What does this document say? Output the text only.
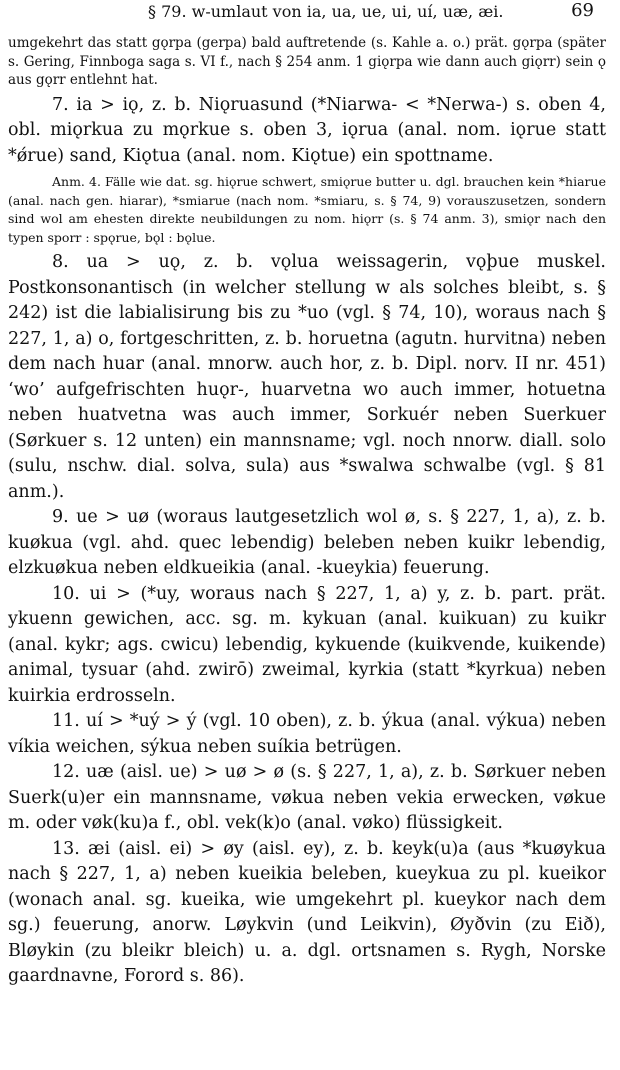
§ 79. w-umlaut von ia, ua, ue, ui, uí, uæ, æi.	69

umgekehrt das statt gǫrpa (gerpa) bald auftretende (s. Kahle a. o.) prät. gǫrpa (später s. Gering, Finnboga saga s. VI f., nach § 254 anm. 1 giǫrpa wie dann auch giǫrr) sein ǫ aus gǫrr entlehnt hat.

7. ia > iǫ, z. b. Niǫruasund (*Niarwa- < *Nerwa-) s. oben 4, obl. miǫrkua zu mǫrkue s. oben 3, iǫrua (anal. nom. iǫrue statt *ǿrue) sand, Kiǫtua (anal. nom. Kiǫtue) ein spottname.

Anm. 4. Fälle wie dat. sg. hiǫrue schwert, smiǫrue butter u. dgl. brauchen kein *hiarue (anal. nach gen. hiarar), *smiarue (nach nom. *smiaru, s. § 74, 9) vorauszusetzen, sondern sind wol am ehesten direkte neubildungen zu nom. hiǫrr (s. § 74 anm. 3), smiǫr nach den typen sporr : spǫrue, bǫl : bǫlue.

8. ua > uǫ, z. b. vǫlua weissagerin, vǫþue muskel. Postkonsonantisch (in welcher stellung w als solches bleibt, s. § 242) ist die labialisirung bis zu *uo (vgl. § 74, 10), woraus nach § 227, 1, a) o, fortgeschritten, z. b. horuetna (agutn. hurvitna) neben dem nach huar (anal. mnorw. auch hor, z. b. Dipl. norv. II nr. 451) ‘wo’ aufgefrischten huǫr-, huarvetna wo auch immer, hotuetna neben huatvetna was auch immer, Sorkuér neben Suerkuer (Sørkuer s. 12 unten) ein mannsname; vgl. noch nnorw. diall. solo (sulu, nschw. dial. solva, sula) aus *swalwa schwalbe (vgl. § 81 anm.).

9. ue > uø (woraus lautgesetzlich wol ø, s. § 227, 1, a), z. b. kuøkua (vgl. ahd. quec lebendig) beleben neben kuikr lebendig, elzkuøkua neben eldkueikia (anal. -kueykia) feuerung.

10. ui > (*uy, woraus nach § 227, 1, a) y, z. b. part. prät. ykuenn gewichen, acc. sg. m. kykuan (anal. kuikuan) zu kuikr (anal. kykr; ags. cwicu) lebendig, kykuende (kuikvende, kuikende) animal, tysuar (ahd. zwirō) zweimal, kyrkia (statt *kyrkua) neben kuirkia erdrosseln.

11. uí > *uý > ý (vgl. 10 oben), z. b. ýkua (anal. výkua) neben víkia weichen, sýkua neben suíkia betrügen.

12. uæ (aisl. ue) > uø > ø (s. § 227, 1, a), z. b. Sørkuer neben Suerk(u)er ein mannsname, vøkua neben vekia erwecken, vøkue m. oder vøk(ku)a f., obl. vek(k)o (anal. vøko) flüssigkeit.

13. æi (aisl. ei) > øy (aisl. ey), z. b. keyk(u)a (aus *kuøykua nach § 227, 1, a) neben kueikia beleben, kueykua zu pl. kueikor (wonach anal. sg. kueika, wie umgekehrt pl. kueykor nach dem sg.) feuerung, anorw. Løykvin (und Leikvin), Øyðvin (zu Eið), Bløykin (zu bleikr bleich) u. a. dgl. ortsnamen s. Rygh, Norske gaardnavne, Forord s. 86).
